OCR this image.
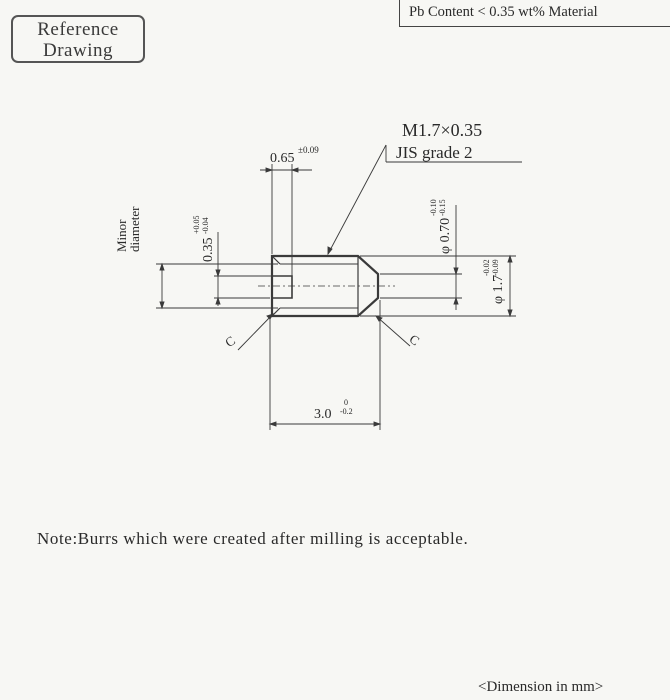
Reference
Drawing
Pb Content < 0.35 wt% Material
0.65
±0.09
0.35
+0.05 -0.04
Minor
diameter	φ 0.70
-0.10 -0.15
φ 1.7
-0.02 -0.09
3.0
0
-0.2
M1.7×0.35
JIS grade 2
C	C
Note:Burrs which were created after milling is acceptable.
<Dimension in mm>
